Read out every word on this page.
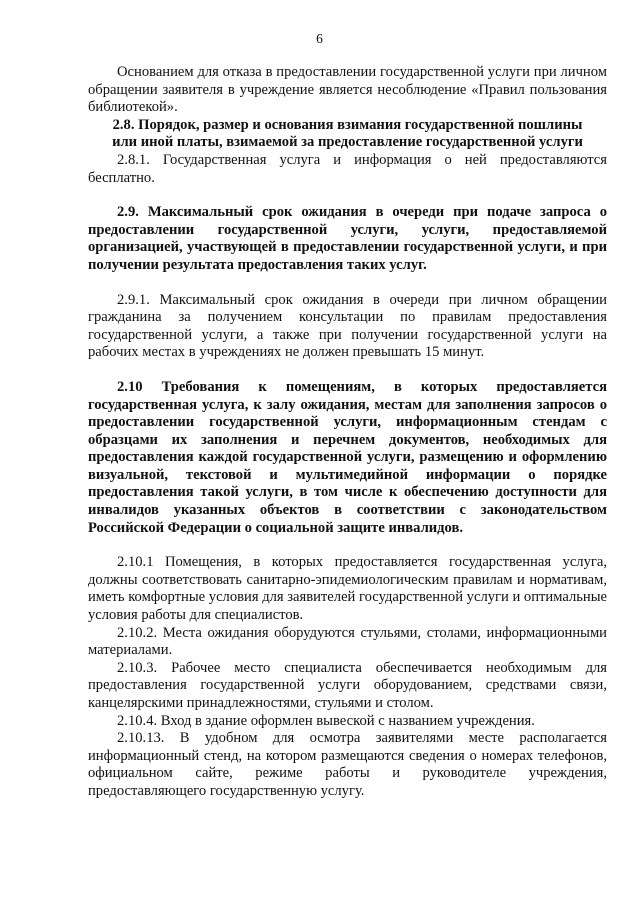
6

Основанием для отказа в предоставлении государственной услуги при личном обращении заявителя в учреждение является несоблюдение «Правил пользования библиотекой».

2.8. Порядок, размер и основания взимания государственной пошлины или иной платы, взимаемой за предоставление государственной услуги

2.8.1. Государственная услуга и информация о ней предоставляются бесплатно.

2.9. Максимальный срок ожидания в очереди при подаче запроса о предоставлении государственной услуги, услуги, предоставляемой организацией, участвующей в предоставлении государственной услуги, и при получении результата предоставления таких услуг.

2.9.1. Максимальный срок ожидания в очереди при личном обращении гражданина за получением консультации по правилам предоставления государственной услуги, а также при получении государственной услуги на рабочих местах в учреждениях не должен превышать 15 минут.

2.10 Требования к помещениям, в которых предоставляется государственная услуга, к залу ожидания, местам для заполнения запросов о предоставлении государственной услуги, информационным стендам с образцами их заполнения и перечнем документов, необходимых для предоставления каждой государственной услуги, размещению и оформлению визуальной, текстовой и мультимедийной информации о порядке предоставления такой услуги, в том числе к обеспечению доступности для инвалидов указанных объектов в соответствии с законодательством Российской Федерации о социальной защите инвалидов.

2.10.1 Помещения, в которых предоставляется государственная услуга, должны соответствовать санитарно-эпидемиологическим правилам и нормативам, иметь комфортные условия для заявителей государственной услуги и оптимальные условия работы для специалистов.

2.10.2. Места ожидания оборудуются стульями, столами, информационными материалами.

2.10.3. Рабочее место специалиста обеспечивается необходимым для предоставления государственной услуги оборудованием, средствами связи, канцелярскими принадлежностями, стульями и столом.

2.10.4. Вход в здание оформлен вывеской с названием учреждения.

2.10.13. В удобном для осмотра заявителями месте располагается информационный стенд, на котором размещаются сведения о номерах телефонов, официальном сайте, режиме работы и руководителе учреждения, предоставляющего государственную услугу.
